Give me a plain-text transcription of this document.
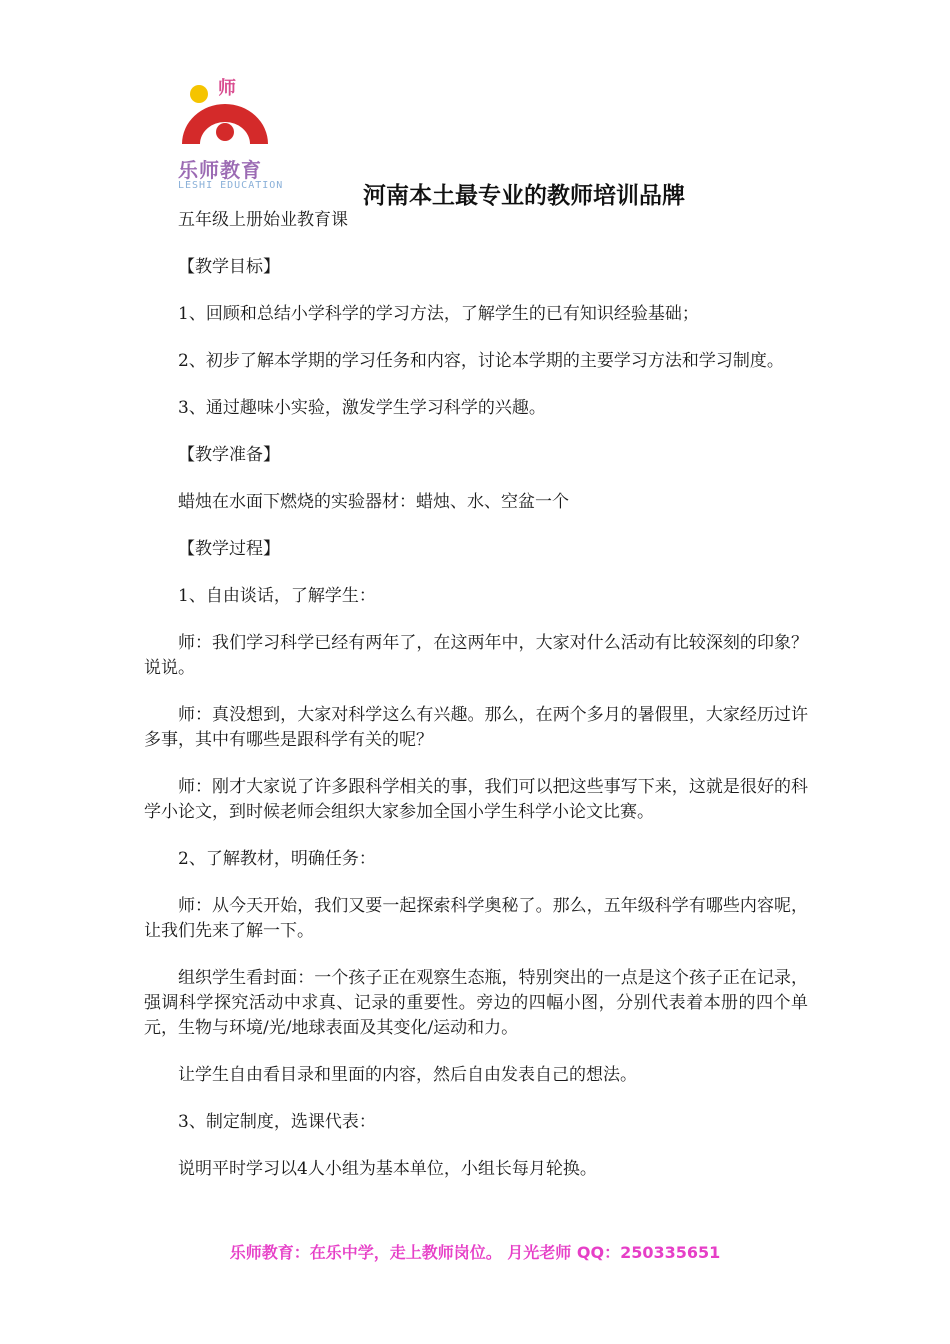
师
乐师教育
LESHI EDUCATION	河南本土最专业的教师培训品牌

五年级上册始业教育课

【教学目标】

1、回顾和总结小学科学的学习方法，了解学生的已有知识经验基础；

2、初步了解本学期的学习任务和内容，讨论本学期的主要学习方法和学习制度。

3、通过趣味小实验，激发学生学习科学的兴趣。

【教学准备】

蜡烛在水面下燃烧的实验器材：蜡烛、水、空盆一个

【教学过程】

1、自由谈话，了解学生：

师：我们学习科学已经有两年了，在这两年中，大家对什么活动有比较深刻的印象？说说。

师：真没想到，大家对科学这么有兴趣。那么，在两个多月的暑假里，大家经历过许多事，其中有哪些是跟科学有关的呢？

师：刚才大家说了许多跟科学相关的事，我们可以把这些事写下来，这就是很好的科学小论文，到时候老师会组织大家参加全国小学生科学小论文比赛。

2、了解教材，明确任务：

师：从今天开始，我们又要一起探索科学奥秘了。那么，五年级科学有哪些内容呢，让我们先来了解一下。

组织学生看封面：一个孩子正在观察生态瓶，特别突出的一点是这个孩子正在记录，强调科学探究活动中求真、记录的重要性。旁边的四幅小图，分别代表着本册的四个单元，生物与环境/光/地球表面及其变化/运动和力。

让学生自由看目录和里面的内容，然后自由发表自己的想法。

3、制定制度，选课代表：

说明平时学习以4人小组为基本单位，小组长每月轮换。

乐师教育：在乐中学，走上教师岗位。 月光老师 QQ：250335651
